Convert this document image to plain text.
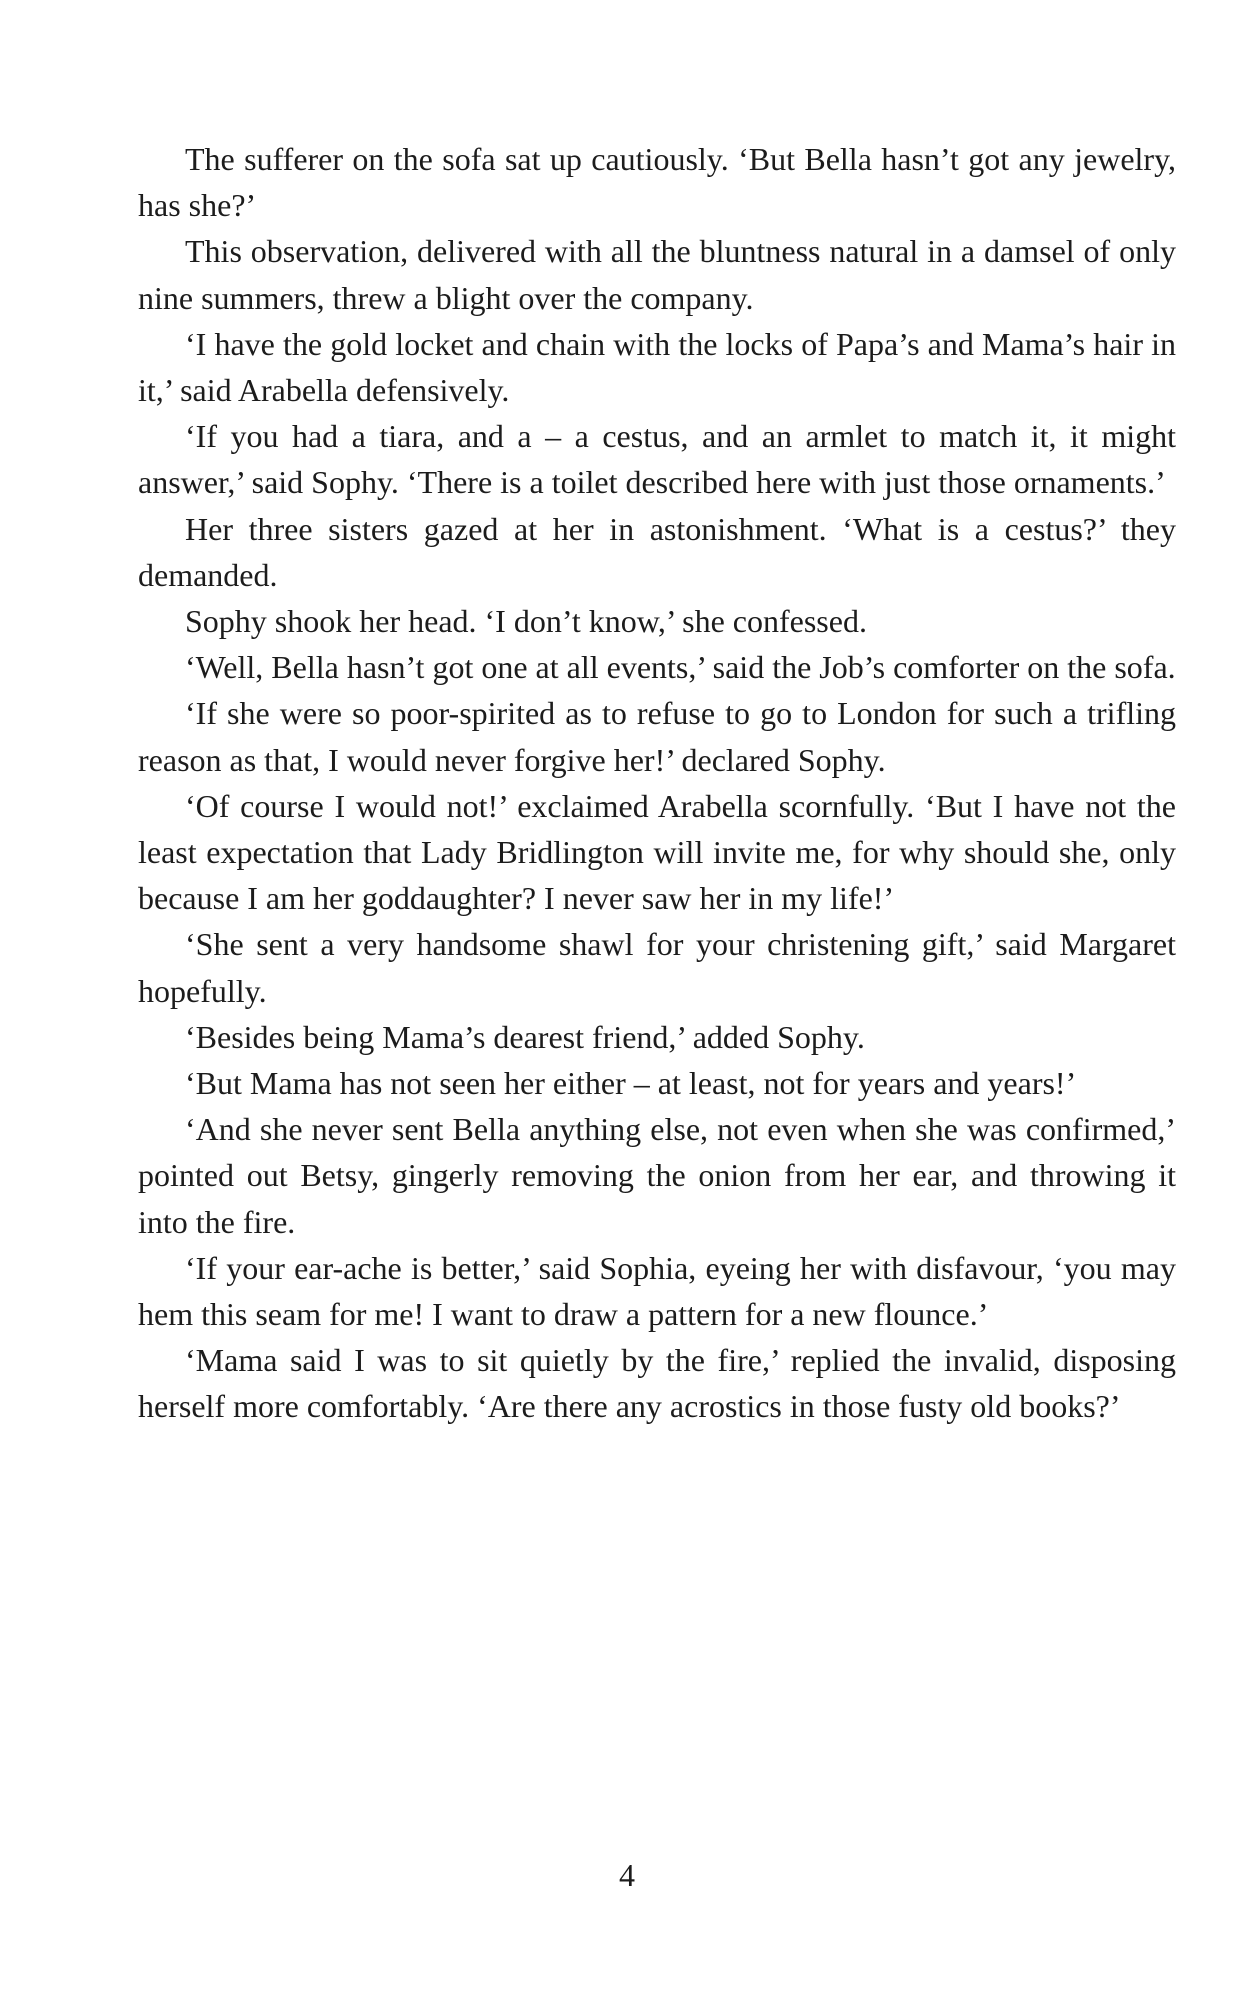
The sufferer on the sofa sat up cautiously. ‘But Bella hasn’t got any jewelry, has she?’

This observation, delivered with all the bluntness natural in a damsel of only nine summers, threw a blight over the company.

‘I have the gold locket and chain with the locks of Papa’s and Mama’s hair in it,’ said Arabella defensively.

‘If you had a tiara, and a – a cestus, and an armlet to match it, it might answer,’ said Sophy. ‘There is a toilet described here with just those ornaments.’

Her three sisters gazed at her in astonishment. ‘What is a cestus?’ they demanded.

Sophy shook her head. ‘I don’t know,’ she confessed.

‘Well, Bella hasn’t got one at all events,’ said the Job’s comforter on the sofa.

‘If she were so poor-spirited as to refuse to go to London for such a trifling reason as that, I would never forgive her!’ declared Sophy.

‘Of course I would not!’ exclaimed Arabella scornfully. ‘But I have not the least expectation that Lady Bridlington will invite me, for why should she, only because I am her goddaughter? I never saw her in my life!’

‘She sent a very handsome shawl for your christening gift,’ said Margaret hopefully.

‘Besides being Mama’s dearest friend,’ added Sophy.

‘But Mama has not seen her either – at least, not for years and years!’

‘And she never sent Bella anything else, not even when she was confirmed,’ pointed out Betsy, gingerly removing the onion from her ear, and throwing it into the fire.

‘If your ear-ache is better,’ said Sophia, eyeing her with disfavour, ‘you may hem this seam for me! I want to draw a pattern for a new flounce.’

‘Mama said I was to sit quietly by the fire,’ replied the invalid, disposing herself more comfortably. ‘Are there any acrostics in those fusty old books?’

4
